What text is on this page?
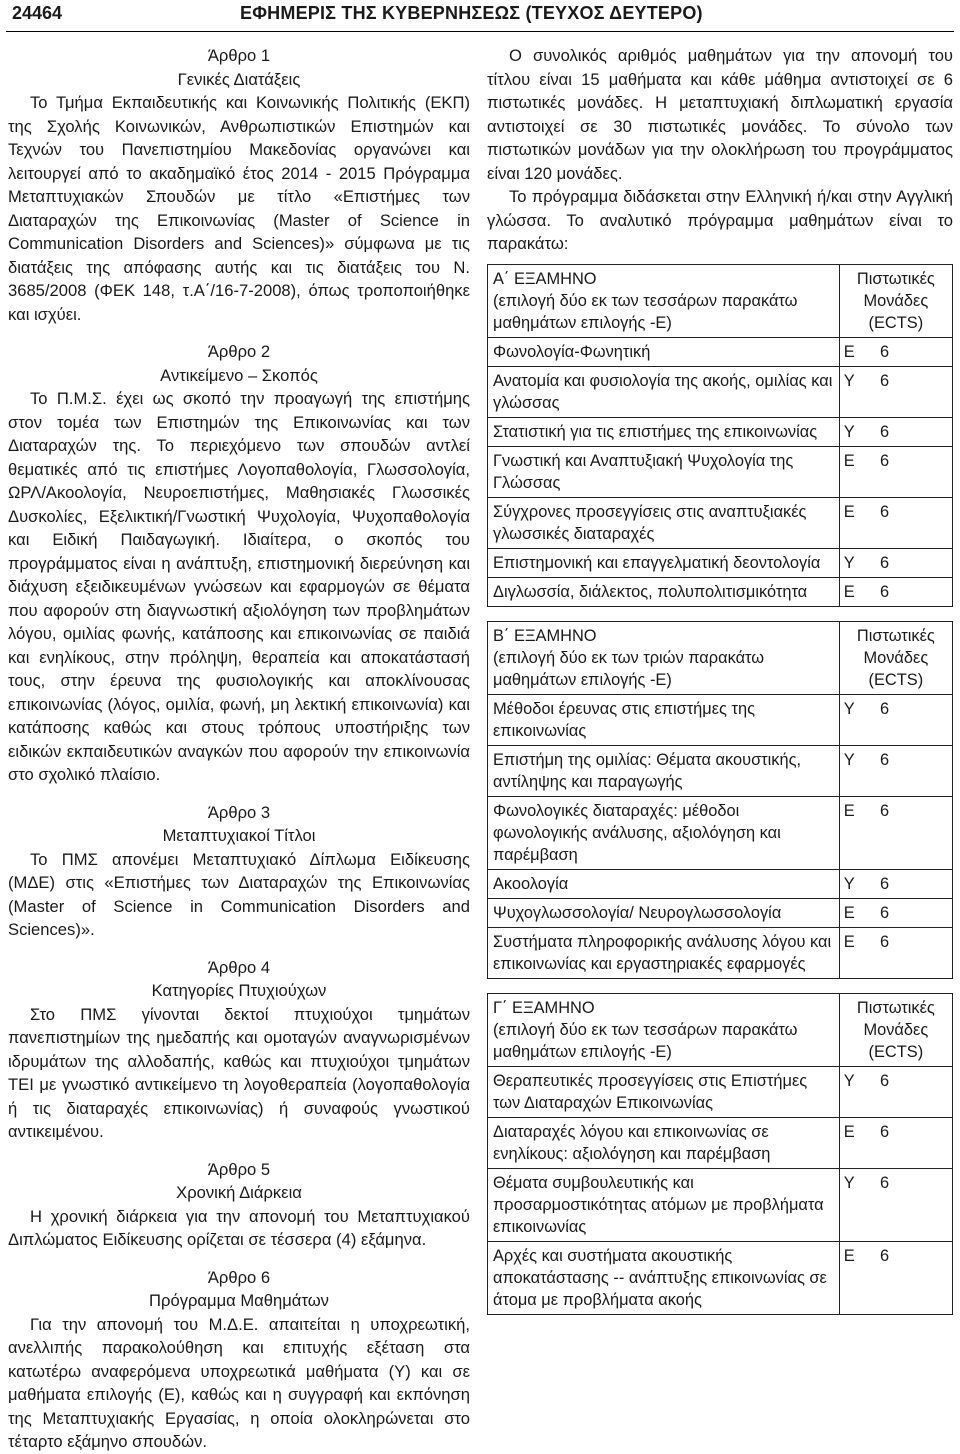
24464	ΕΦΗΜΕΡΙΣ ΤΗΣ ΚΥΒΕΡΝΗΣΕΩΣ (ΤΕΥΧΟΣ ΔΕΥΤΕΡΟ)

Άρθρο 1

Γενικές Διατάξεις

Το Τμήμα Εκπαιδευτικής και Κοινωνικής Πολιτικής (ΕΚΠ) της Σχολής Κοινωνικών, Ανθρωπιστικών Επιστημών και Τεχνών του Πανεπιστημίου Μακεδονίας οργανώνει και λειτουργεί από το ακαδημαϊκό έτος 2014 - 2015 Πρόγραμμα Μεταπτυχιακών Σπουδών με τίτλο «Επιστήμες των Διαταραχών της Επικοινωνίας (Master of Science in Communication Disorders and Sciences)» σύμφωνα με τις διατάξεις της απόφασης αυτής και τις διατάξεις του Ν. 3685/2008 (ΦΕΚ 148, τ.Α΄/16-7-2008), όπως τροποποιήθηκε και ισχύει.

Άρθρο 2

Αντικείμενο – Σκοπός

Το Π.Μ.Σ. έχει ως σκοπό την προαγωγή της επιστήμης στον τομέα των Επιστημών της Επικοινωνίας και των Διαταραχών της. Το περιεχόμενο των σπουδών αντλεί θεματικές από τις επιστήμες Λογοπαθολογία, Γλωσσολογία, ΩΡΛ/Ακοολογία, Νευροεπιστήμες, Μαθησιακές Γλωσσικές Δυσκολίες, Εξελικτική/Γνωστική Ψυχολογία, Ψυχοπαθολογία και Ειδική Παιδαγωγική. Ιδιαίτερα, ο σκοπός του προγράμματος είναι η ανάπτυξη, επιστημονική διερεύνηση και διάχυση εξειδικευμένων γνώσεων και εφαρμογών σε θέματα που αφορούν στη διαγνωστική αξιολόγηση των προβλημάτων λόγου, ομιλίας φωνής, κατάποσης και επικοινωνίας σε παιδιά και ενηλίκους, στην πρόληψη, θεραπεία και αποκατάστασή τους, στην έρευνα της φυσιολογικής και αποκλίνουσας επικοινωνίας (λόγος, ομιλία, φωνή, μη λεκτική επικοινωνία) και κατάποσης καθώς και στους τρόπους υποστήριξης των ειδικών εκπαιδευτικών αναγκών που αφορούν την επικοινωνία στο σχολικό πλαίσιο.

Άρθρο 3

Μεταπτυχιακοί Τίτλοι

Το ΠΜΣ απονέμει Μεταπτυχιακό Δίπλωμα Ειδίκευσης (ΜΔΕ) στις «Επιστήμες των Διαταραχών της Επικοινωνίας (Master of Science in Communication Disorders and Sciences)».

Άρθρο 4

Κατηγορίες Πτυχιούχων

Στο ΠΜΣ γίνονται δεκτοί πτυχιούχοι τμημάτων πανεπιστημίων της ημεδαπής και ομοταγών αναγνωρισμένων ιδρυμάτων της αλλοδαπής, καθώς και πτυχιούχοι τμημάτων ΤΕΙ με γνωστικό αντικείμενο τη λογοθεραπεία (λογοπαθολογία ή τις διαταραχές επικοινωνίας) ή συναφούς γνωστικού αντικειμένου.

Άρθρο 5

Χρονική Διάρκεια

Η χρονική διάρκεια για την απονομή του Μεταπτυχιακού Διπλώματος Ειδίκευσης ορίζεται σε τέσσερα (4) εξάμηνα.

Άρθρο 6

Πρόγραμμα Μαθημάτων

Για την απονομή του Μ.Δ.Ε. απαιτείται η υποχρεωτική, ανελλιπής παρακολούθηση και επιτυχής εξέταση στα κατωτέρω αναφερόμενα υποχρεωτικά μαθήματα (Υ) και σε μαθήματα επιλογής (Ε), καθώς και η συγγραφή και εκπόνηση της Μεταπτυχιακής Εργασίας, η οποία ολοκληρώνεται στο τέταρτο εξάμηνο σπουδών.

Ο συνολικός αριθμός μαθημάτων για την απονομή του τίτλου είναι 15 μαθήματα και κάθε μάθημα αντιστοιχεί σε 6 πιστωτικές μονάδες. Η μεταπτυχιακή διπλωματική εργασία αντιστοιχεί σε 30 πιστωτικές μονάδες. Το σύνολο των πιστωτικών μονάδων για την ολοκλήρωση του προγράμματος είναι 120 μονάδες.

Το πρόγραμμα διδάσκεται στην Ελληνική ή/και στην Αγγλική γλώσσα. Το αναλυτικό πρόγραμμα μαθημάτων είναι το παρακάτω:

Α΄ ΕΞΑΜΗΝΟ
(επιλογή δύο εκ των τεσσάρων παρακάτω μαθημάτων επιλογής -Ε)	Πιστωτικές Μονάδες (ECTS)	
Φωνολογία-Φωνητική	Ε	6
Ανατομία και φυσιολογία της ακοής, ομιλίας και γλώσσας	Υ	6
Στατιστική για τις επιστήμες της επικοινωνίας	Υ	6
Γνωστική και Αναπτυξιακή Ψυχολογία της Γλώσσας	Ε	6
Σύγχρονες προσεγγίσεις στις αναπτυξιακές γλωσσικές διαταραχές	Ε	6
Επιστημονική και επαγγελματική δεοντολογία	Υ	6
Διγλωσσία, διάλεκτος, πολυπολιτισμικότητα	Ε	6
Β΄ ΕΞΑΜΗΝΟ
(επιλογή δύο εκ των τριών παρακάτω μαθημάτων επιλογής -Ε)	Πιστωτικές Μονάδες (ECTS)	
Μέθοδοι έρευνας στις επιστήμες της επικοινωνίας	Υ	6
Επιστήμη της ομιλίας: Θέματα ακουστικής, αντίληψης και παραγωγής	Υ	6
Φωνολογικές διαταραχές: μέθοδοι φωνολογικής ανάλυσης, αξιολόγηση και παρέμβαση	Ε	6
Ακοολογία	Υ	6
Ψυχογλωσσολογία/ Νευρογλωσσολογία	Ε	6
Συστήματα πληροφορικής ανάλυσης λόγου και επικοινωνίας και εργαστηριακές εφαρμογές	Ε	6
Γ΄ ΕΞΑΜΗΝΟ
(επιλογή δύο εκ των τεσσάρων παρακάτω μαθημάτων επιλογής -Ε)	Πιστωτικές Μονάδες (ECTS)	
Θεραπευτικές προσεγγίσεις στις Επιστήμες των Διαταραχών Επικοινωνίας	Υ	6
Διαταραχές λόγου και επικοινωνίας σε ενηλίκους: αξιολόγηση και παρέμβαση	Ε	6
Θέματα συμβουλευτικής και προσαρμοστικότητας ατόμων με προβλήματα επικοινωνίας	Υ	6
Αρχές και συστήματα ακουστικής αποκατάστασης -- ανάπτυξης επικοινωνίας σε άτομα με προβλήματα ακοής	Ε	6
